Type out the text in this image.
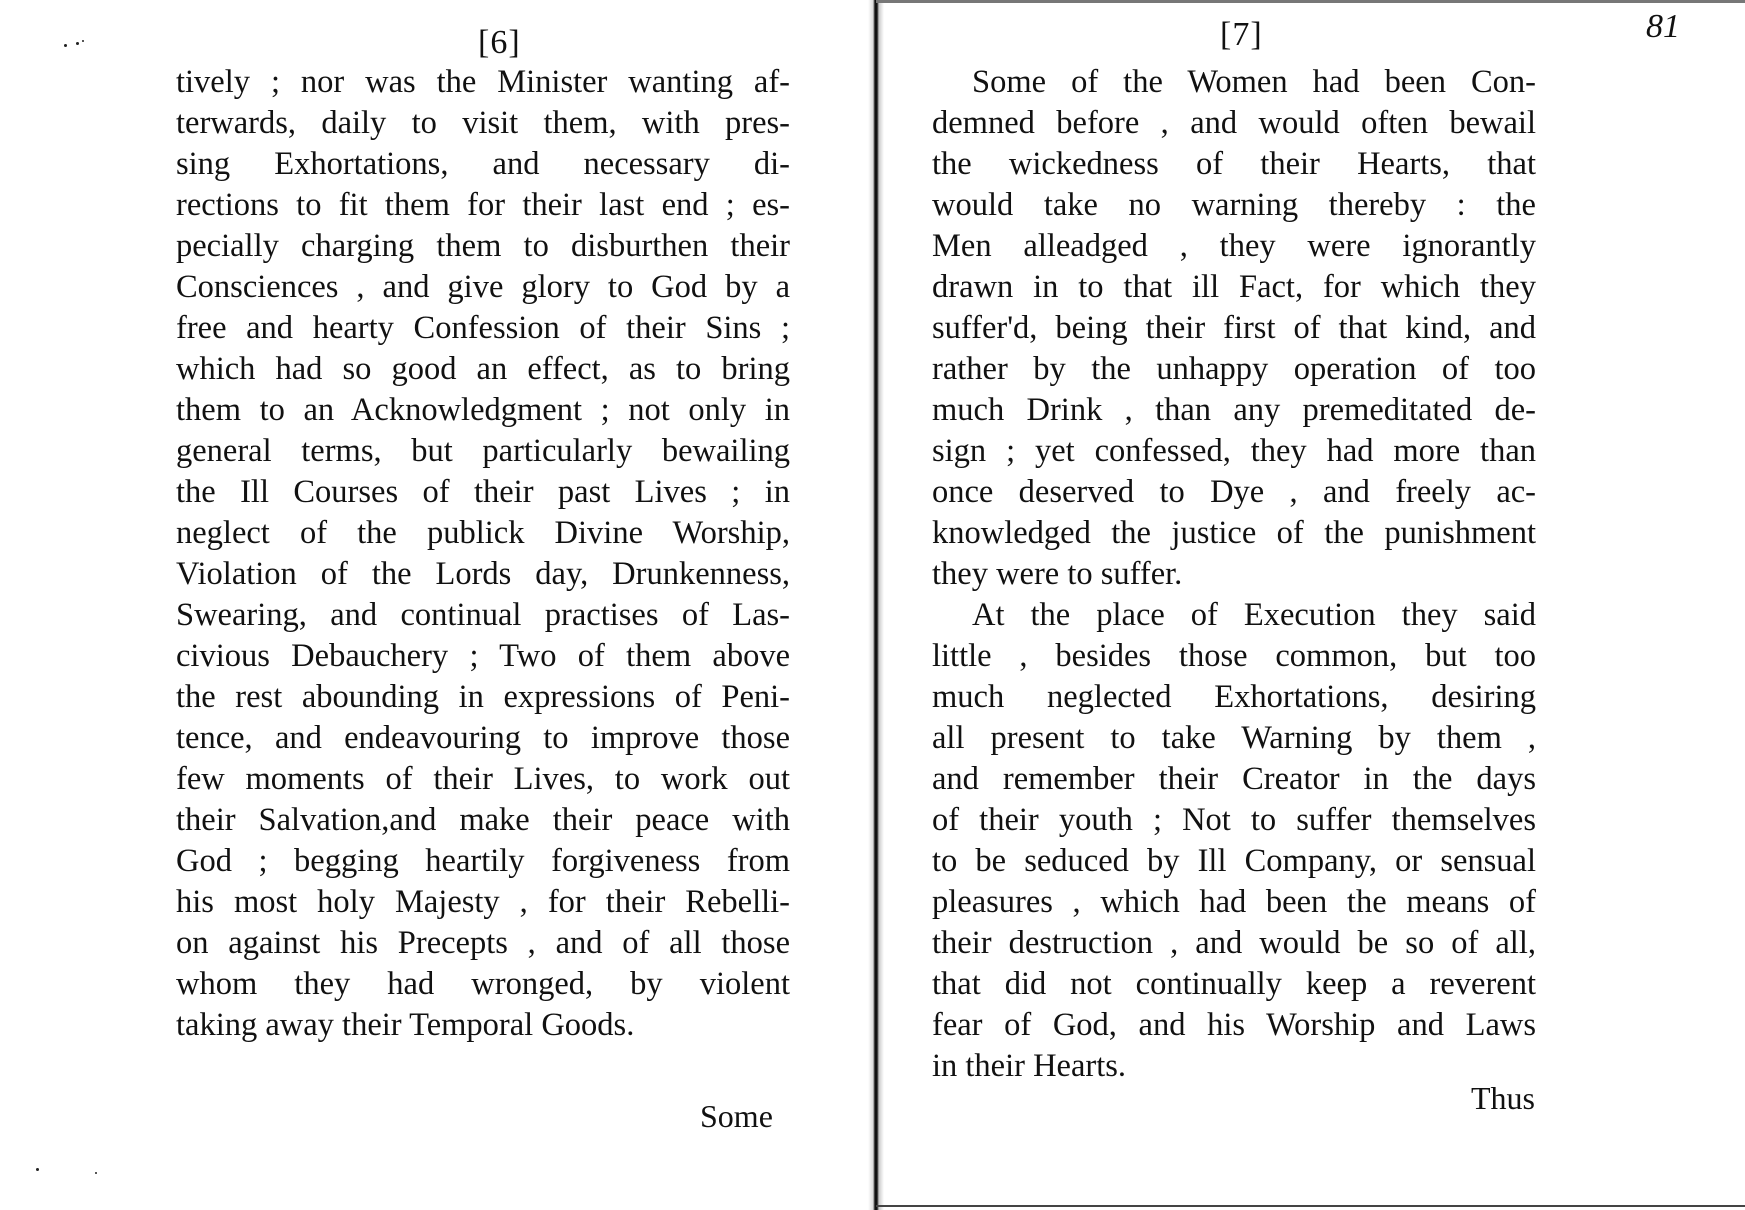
[6]
tively ; nor was the Minister wanting af-
terwards, daily to visit them, with pres-
sing Exhortations, and necessary di-
rections to fit them for their last end ; es-
pecially charging them to disburthen their
Consciences , and give glory to God by a
free and hearty Confession of their Sins ;
which had so good an effect, as to bring
them to an Acknowledgment ; not only in
general terms, but particularly bewailing
the Ill Courses of their past Lives ; in
neglect of the publick Divine Worship,
Violation of the Lords day, Drunkenness,
Swearing, and continual practises of Las-
civious Debauchery ; Two of them above
the rest abounding in expressions of Peni-
tence, and endeavouring to improve those
few moments of their Lives, to work out
their Salvation,and make their peace with
God ; begging heartily forgiveness from
his most holy Majesty , for their Rebelli-
on against his Precepts , and of all those
whom they had wronged, by violent
taking away their Temporal Goods.
Some
[7]	81
Some of the Women had been Con-
demned before , and would often bewail
the wickedness of their Hearts, that
would take no warning thereby : the
Men alleadged , they were ignorantly
drawn in to that ill Fact, for which they
suffer'd, being their first of that kind, and
rather by the unhappy operation of too
much Drink , than any premeditated de-
sign ; yet confessed, they had more than
once deserved to Dye , and freely ac-
knowledged the justice of the punishment
they were to suffer.
At the place of Execution they said
little , besides those common, but too
much neglected Exhortations, desiring
all present to take Warning by them ,
and remember their Creator in the days
of their youth ; Not to suffer themselves
to be seduced by Ill Company, or sensual
pleasures , which had been the means of
their destruction , and would be so of all,
that did not continually keep a reverent
fear of God, and his Worship and Laws
in their Hearts.
Thus
